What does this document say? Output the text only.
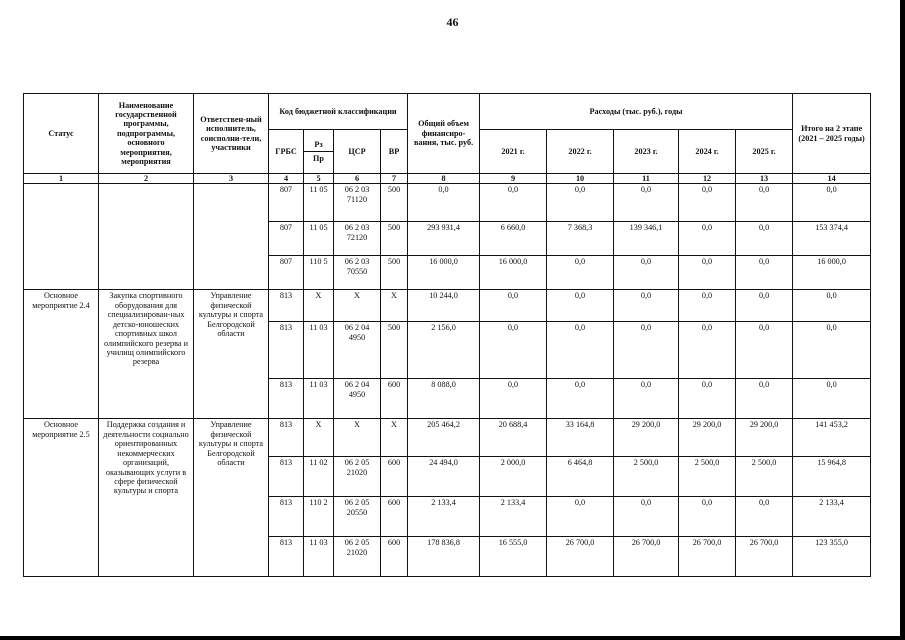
46
Статус	Наименование государственной программы, подпрограммы, основного мероприятия, мероприятия	Ответствен-ный исполнитель, соисполни-тели, участники	Код бюджетной классификации				Общий объем финансиро-вания, тыс. руб.	Расходы (тыс. руб.), годы					Итого на 2 этапе (2021 – 2025 годы)
			ГРБС	Рз
Пр	ЦСР	ВР		2021 г.	2022 г.	2023 г.	2024 г.	2025 г.	
1	2	3	4	5	6	7	8	9	10	11	12	13	14
			807	11 05	06 2 03 71120	500	0,0	0,0	0,0	0,0	0,0	0,0	0,0
			807	11 05	06 2 03 72120	500	293 931,4	6 660,0	7 368,3	139 346,1	0,0	0,0	153 374,4
			807	110 5	06 2 03 70550	500	16 000,0	16 000,0	0,0	0,0	0,0	0,0	16 000,0
Основное мероприятие 2.4	Закупка спортивного оборудования для специализирован-ных детско-юношеских спортивных школ олимпийского резерва и училищ олимпийского резерва	Управление физической культуры и спорта Белгородской области	813	Х	Х	Х	10 244,0	0,0	0,0	0,0	0,0	0,0	0,0
			813	11 03	06 2 04 4950	500	2 156,0	0,0	0,0	0,0	0,0	0,0	0,0
			813	11 03	06 2 04 4950	600	8 088,0	0,0	0,0	0,0	0,0	0,0	0,0
Основное мероприятие 2.5	Поддержка создания и деятельности социально ориентированных некоммерческих организаций, оказывающих услуги в сфере физической культуры и спорта	Управление физической культуры и спорта Белгородской области	813	Х	Х	Х	205 464,2	20 688,4	33 164,8	29 200,0	29 200,0	29 200,0	141 453,2
			813	11 02	06 2 05 21020	600	24 494,0	2 000,0	6 464,8	2 500,0	2 500,0	2 500,0	15 964,8
			813	110 2	06 2 05 20550	600	2 133,4	2 133,4	0,0	0,0	0,0	0,0	2 133,4
			813	11 03	06 2 05 21020	600	178 836,8	16 555,0	26 700,0	26 700,0	26 700,0	26 700,0	123 355,0
